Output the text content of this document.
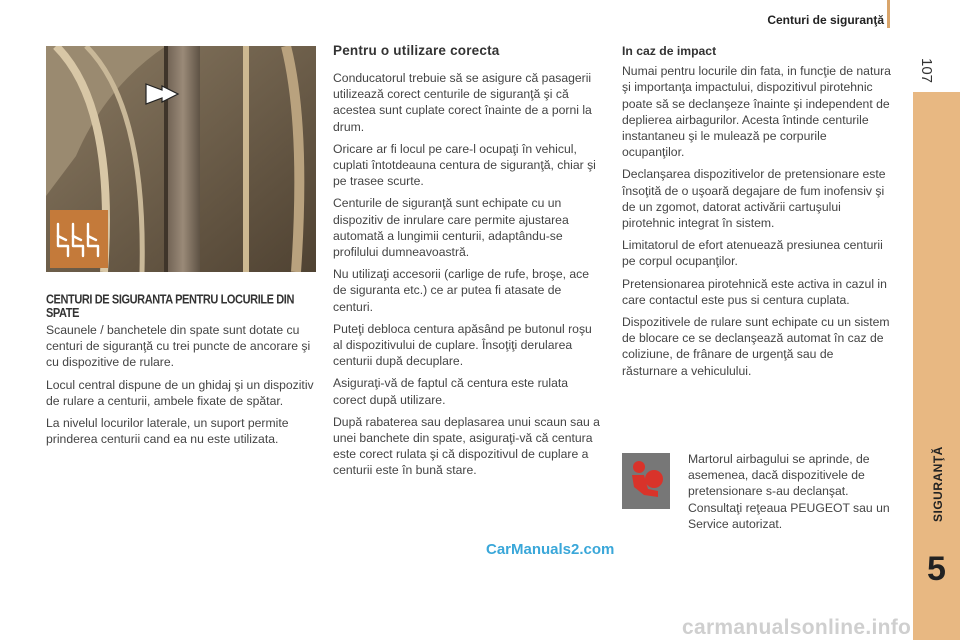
Centuri de siguranţă
107
SIGURANŢĂ
5
CENTURI DE SIGURANTA PENTRU LOCURILE DIN SPATE

Scaunele / banchetele din spate sunt dotate cu centuri de siguranţă cu trei puncte de ancorare şi cu dispozitive de rulare.

Locul central dispune de un ghidaj şi un dispozitiv de rulare a centurii, ambele fixate de spătar.

La nivelul locurilor laterale, un suport permite prinderea centurii cand ea nu este utilizata.

Pentru o utilizare corecta

Conducatorul trebuie să se asigure că pasagerii utilizează corect centurile de siguranţă şi că acestea sunt cuplate corect înainte de a porni la drum.

Oricare ar fi locul pe care-l ocupaţi în vehicul, cuplati întotdeauna centura de siguranţă, chiar şi pe trasee scurte.

Centurile de siguranţă sunt echipate cu un dispozitiv de inrulare care permite ajustarea automată a lungimii centurii, adaptându-se profilului dumneavoastră.

Nu utilizaţi accesorii (carlige de rufe, broşe, ace de siguranta etc.) ce ar putea fi atasate de centuri.

Puteţi debloca centura apăsând pe butonul roşu al dispozitivului de cuplare. Însoţiţi derularea centurii după decuplare.

Asiguraţi-vă de faptul că centura este rulata corect după utilizare.

După rabaterea sau deplasarea unui scaun sau a unei banchete din spate, asiguraţi-vă că centura este corect rulata şi că dispozitivul de cuplare a centurii este în bună stare.

In caz de impact

Numai pentru locurile din fata, in funcţie de natura şi importanţa impactului, dispozitivul pirotehnic poate să se declanşeze înainte şi independent de deplierea airbagurilor. Acesta întinde centurile instantaneu şi le mulează pe corpurile ocupanţilor.

Declanşarea dispozitivelor de pretensionare este însoţită de o uşoară degajare de fum inofensiv şi de un zgomot, datorat activării cartuşului pirotehnic integrat în sistem.

Limitatorul de efort atenuează presiunea centurii pe corpul ocupanţilor.

Pretensionarea pirotehnică este activa in cazul in care contactul este pus si centura cuplata.

Dispozitivele de rulare sunt echipate cu un sistem de blocare ce se declanşează automat în caz de coliziune, de frânare de urgenţă sau de răsturnare a vehiculului.

Martorul airbagului se aprinde, de asemenea, dacă dispozitivele de pretensionare s-au declanşat. Consultaţi reţeaua PEUGEOT sau un Service autorizat.
CarManuals2.com
carmanualsonline.info
